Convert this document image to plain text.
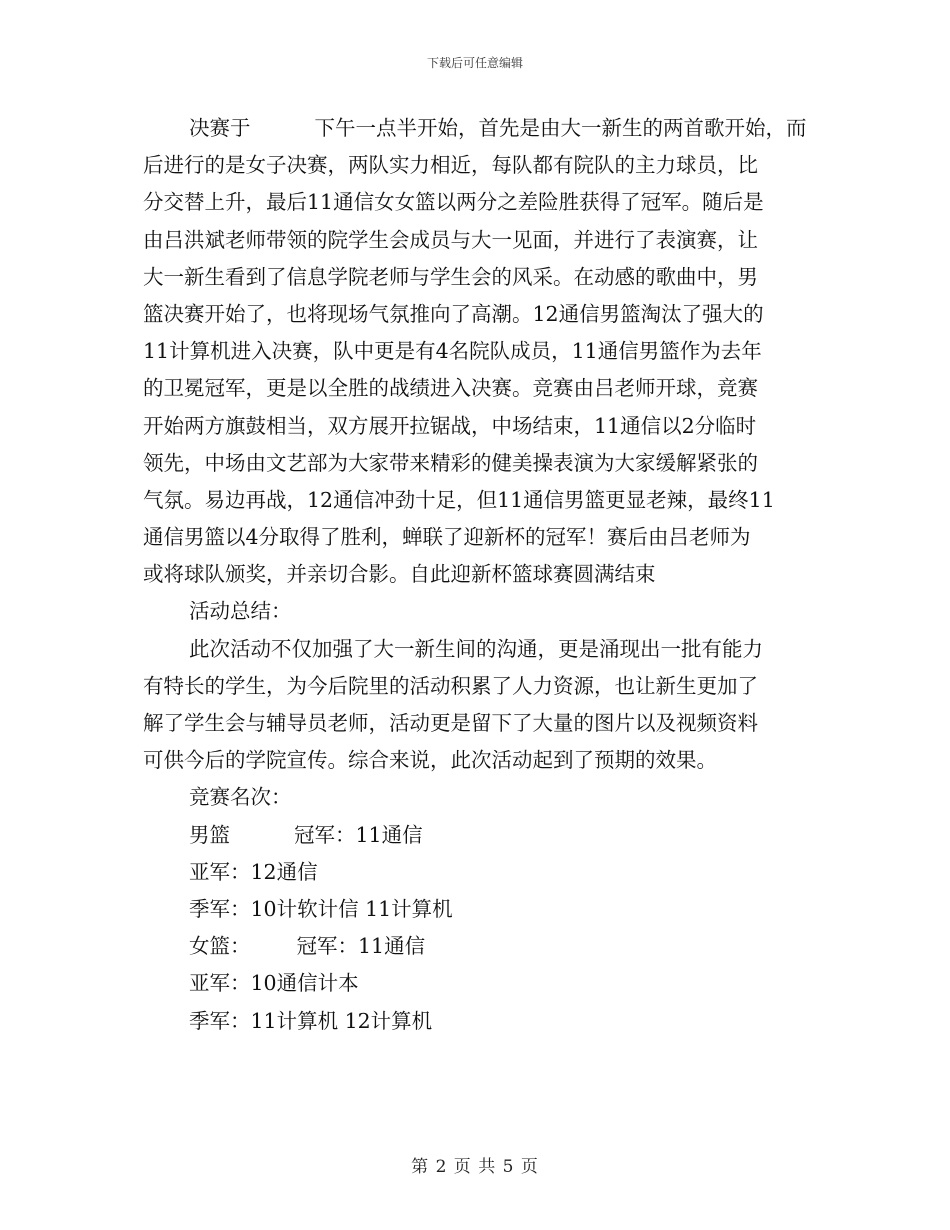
下载后可任意编辑
决赛于	下午一点半开始，首先是由大一新生的两首歌开始，而
后进行的是女子决赛，两队实力相近，每队都有院队的主力球员，比
分交替上升，最后11通信女女篮以两分之差险胜获得了冠军。随后是
由吕洪斌老师带领的院学生会成员与大一见面，并进行了表演赛，让
大一新生看到了信息学院老师与学生会的风采。在动感的歌曲中，男
篮决赛开始了，也将现场气氛推向了高潮。12通信男篮淘汰了强大的
11计算机进入决赛，队中更是有4名院队成员，11通信男篮作为去年
的卫冕冠军，更是以全胜的战绩进入决赛。竞赛由吕老师开球，竞赛
开始两方旗鼓相当，双方展开拉锯战，中场结束，11通信以2分临时
领先，中场由文艺部为大家带来精彩的健美操表演为大家缓解紧张的
气氛。易边再战，12通信冲劲十足，但11通信男篮更显老辣，最终11
通信男篮以4分取得了胜利，蝉联了迎新杯的冠军！赛后由吕老师为
或将球队颁奖，并亲切合影。自此迎新杯篮球赛圆满结束
活动总结：
此次活动不仅加强了大一新生间的沟通，更是涌现出一批有能力
有特长的学生，为今后院里的活动积累了人力资源，也让新生更加了
解了学生会与辅导员老师，活动更是留下了大量的图片以及视频资料
可供今后的学院宣传。综合来说，此次活动起到了预期的效果。
竞赛名次：
男篮	冠军：11通信
亚军：12通信
季军：10计软计信 11计算机
女篮： 冠军：11通信
亚军：10通信计本
季军：11计算机 12计算机
第 2 页 共 5 页
